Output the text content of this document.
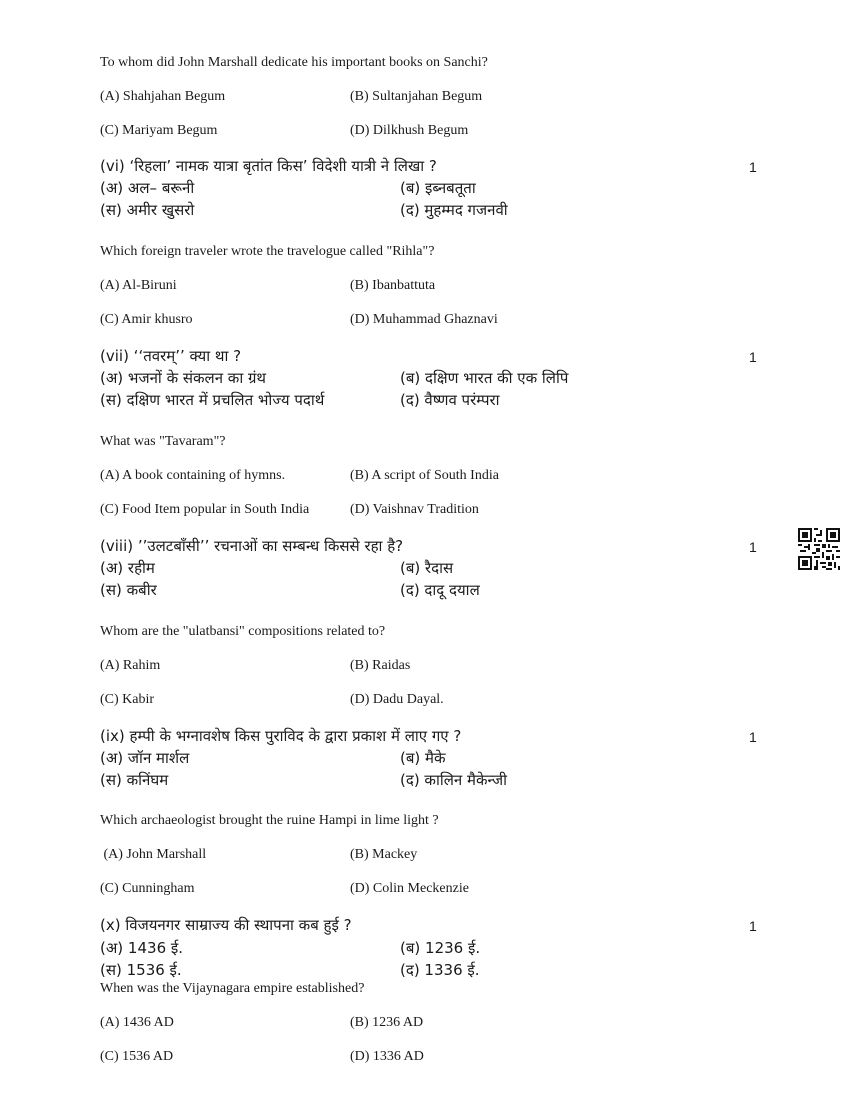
To whom did John Marshall dedicate his important books on Sanchi?
(A) Shahjahan Begum	(B) Sultanjahan Begum
(C) Mariyam Begum	(D) Dilkhush Begum
(vi) ‘रिहला’ नामक यात्रा बृतांत किस’ विदेशी यात्री ने लिखा ?	1
(अ) अल– बरूनी	(ब) इब्नबतूता
(स) अमीर खुसरो	(द) मुहम्मद गजनवी
Which foreign traveler wrote the travelogue called "Rihla"?
(A) Al-Biruni	(B) Ibanbattuta
(C) Amir khusro	(D) Muhammad Ghaznavi
(vii) ‘‘तवरम्’’ क्या था ?	1
(अ) भजनों के संकलन का ग्रंथ	(ब) दक्षिण भारत की एक लिपि
(स) दक्षिण भारत में प्रचलित भोज्य पदार्थ	(द) वैष्णव परंम्परा
What was "Tavaram"?
(A) A book containing of hymns.	(B) A script of South India
(C) Food Item popular in South India	(D) Vaishnav Tradition
(viii) ’’उलटबाँसी’’ रचनाओं का सम्बन्ध किससे रहा है?	1
(अ) रहीम	(ब) रैदास
(स) कबीर	(द) दादू दयाल
Whom are the "ulatbansi" compositions related to?
(A) Rahim	(B) Raidas
(C) Kabir	(D) Dadu Dayal.
(ix) हम्पी के भग्नावशेष किस पुराविद के द्वारा प्रकाश में लाए गए ?	1
(अ) जॉन मार्शल	(ब) मैके
(स) कनिंघम	(द) कालिन मैकेन्जी
Which archaeologist brought the ruine Hampi in lime light ?
(A) John Marshall	(B) Mackey
(C) Cunningham	(D) Colin Meckenzie
(x) विजयनगर साम्राज्य की स्थापना कब हुई ?	1
(अ) 1436 ई.	(ब) 1236 ई.
(स) 1536 ई.	(द) 1336 ई.
When was the Vijaynagara empire established?
(A) 1436 AD	(B) 1236 AD
(C) 1536 AD	(D) 1336 AD
